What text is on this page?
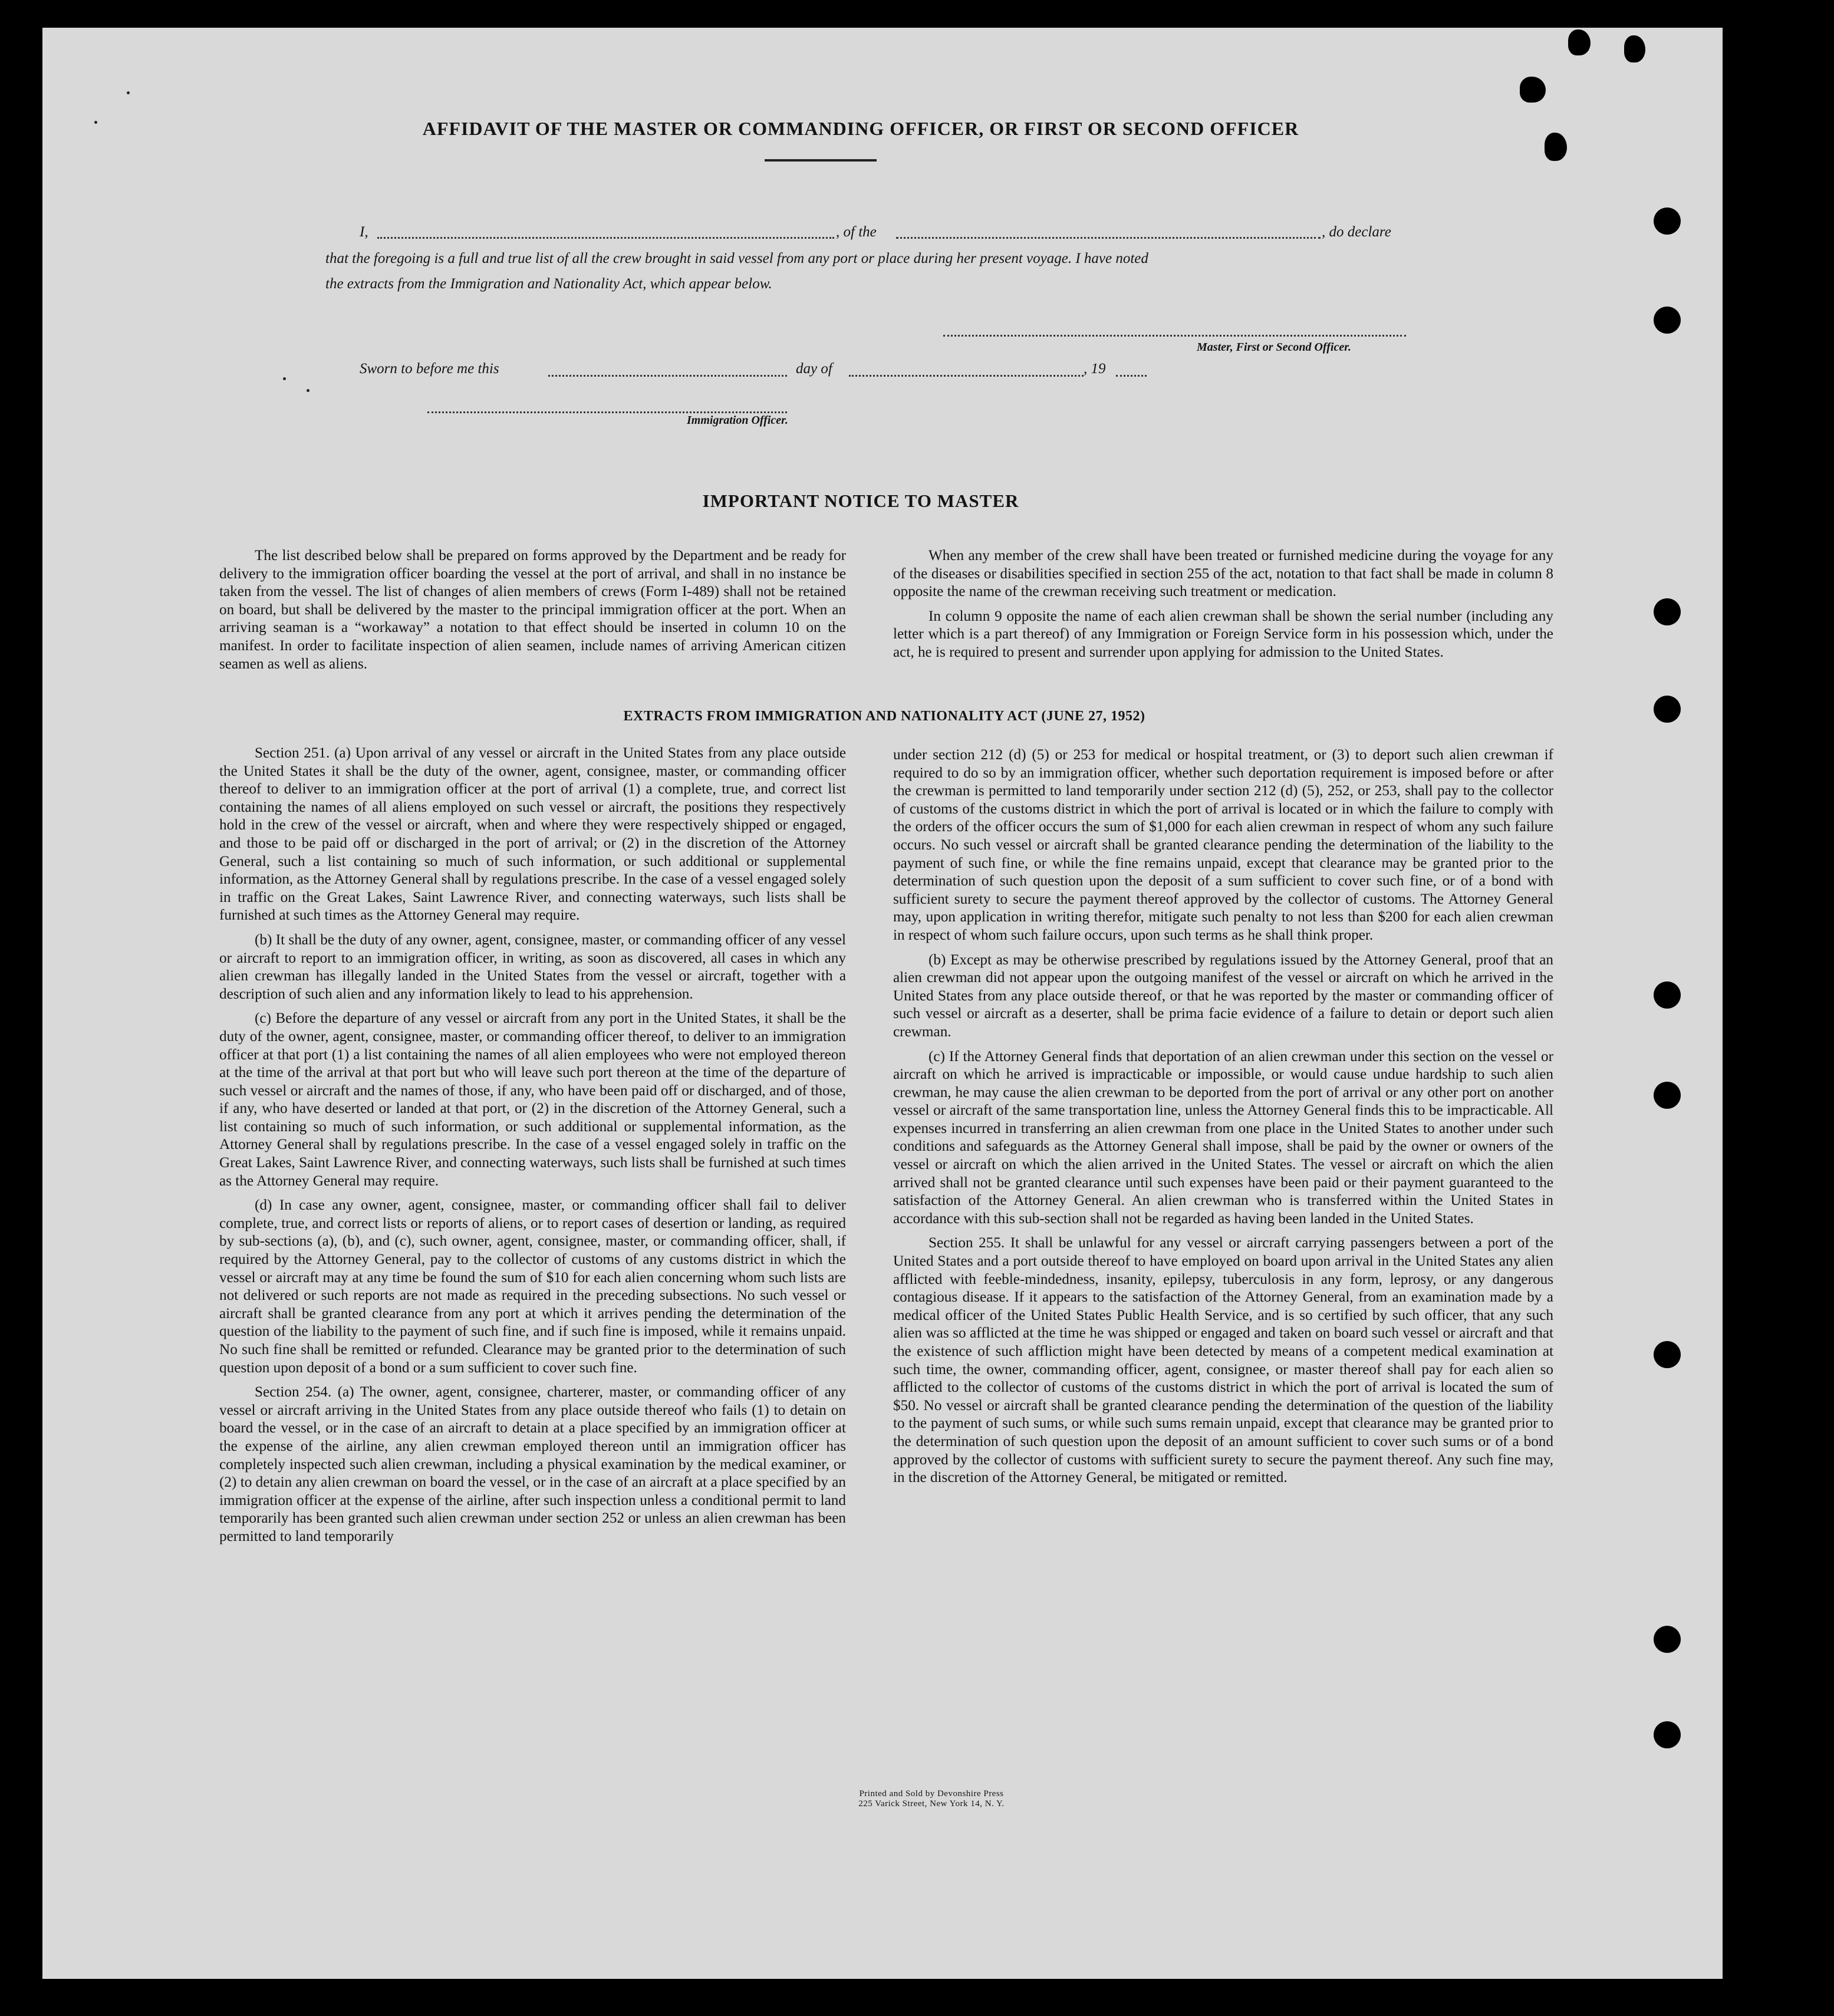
AFFIDAVIT OF THE MASTER OR COMMANDING OFFICER, OR FIRST OR SECOND OFFICER
I,	, of the	, do declare
that the foregoing is a full and true list of all the crew brought in said vessel from any port or place during her present voyage. I have noted
the extracts from the Immigration and Nationality Act, which appear below.
Master, First or Second Officer.
Sworn to before me this	day of	, 19
Immigration Officer.
IMPORTANT NOTICE TO MASTER

The list described below shall be prepared on forms approved by the Department and be ready for delivery to the immigration officer boarding the vessel at the port of arrival, and shall in no instance be taken from the vessel. The list of changes of alien members of crews (Form I-489) shall not be retained on board, but shall be delivered by the master to the principal immigration officer at the port. When an arriving seaman is a “workaway” a notation to that effect should be inserted in column 10 on the manifest. In order to facilitate inspection of alien seamen, include names of arriving American citizen seamen as well as aliens.

When any member of the crew shall have been treated or furnished medicine during the voyage for any of the diseases or disabilities specified in section 255 of the act, notation to that fact shall be made in column 8 opposite the name of the crewman receiving such treatment or medication.

In column 9 opposite the name of each alien crewman shall be shown the serial number (including any letter which is a part thereof) of any Immigration or Foreign Service form in his possession which, under the act, he is required to present and surrender upon applying for admission to the United States.

EXTRACTS FROM IMMIGRATION AND NATIONALITY ACT (JUNE 27, 1952)

Section 251. (a) Upon arrival of any vessel or aircraft in the United States from any place outside the United States it shall be the duty of the owner, agent, consignee, master, or commanding officer thereof to deliver to an immigration officer at the port of arrival (1) a complete, true, and correct list containing the names of all aliens employed on such vessel or aircraft, the positions they respectively hold in the crew of the vessel or aircraft, when and where they were respectively shipped or engaged, and those to be paid off or discharged in the port of arrival; or (2) in the discretion of the Attorney General, such a list containing so much of such information, or such additional or supplemental information, as the Attorney General shall by regulations prescribe. In the case of a vessel engaged solely in traffic on the Great Lakes, Saint Lawrence River, and connecting waterways, such lists shall be furnished at such times as the Attorney General may require.

(b) It shall be the duty of any owner, agent, consignee, master, or commanding officer of any vessel or aircraft to report to an immigration officer, in writing, as soon as discovered, all cases in which any alien crewman has illegally landed in the United States from the vessel or aircraft, together with a description of such alien and any information likely to lead to his apprehension.

(c) Before the departure of any vessel or aircraft from any port in the United States, it shall be the duty of the owner, agent, consignee, master, or commanding officer thereof, to deliver to an immigration officer at that port (1) a list containing the names of all alien employees who were not employed thereon at the time of the arrival at that port but who will leave such port thereon at the time of the departure of such vessel or aircraft and the names of those, if any, who have been paid off or discharged, and of those, if any, who have deserted or landed at that port, or (2) in the discretion of the Attorney General, such a list containing so much of such information, or such additional or supplemental information, as the Attorney General shall by regulations prescribe. In the case of a vessel engaged solely in traffic on the Great Lakes, Saint Lawrence River, and connecting waterways, such lists shall be furnished at such times as the Attorney General may require.

(d) In case any owner, agent, consignee, master, or commanding officer shall fail to deliver complete, true, and correct lists or reports of aliens, or to report cases of desertion or landing, as required by sub-sections (a), (b), and (c), such owner, agent, consignee, master, or commanding officer, shall, if required by the Attorney General, pay to the collector of customs of any customs district in which the vessel or aircraft may at any time be found the sum of $10 for each alien concerning whom such lists are not delivered or such reports are not made as required in the preceding subsections. No such vessel or aircraft shall be granted clearance from any port at which it arrives pending the determination of the question of the liability to the payment of such fine, and if such fine is imposed, while it remains unpaid. No such fine shall be remitted or refunded. Clearance may be granted prior to the determination of such question upon deposit of a bond or a sum sufficient to cover such fine.

Section 254. (a) The owner, agent, consignee, charterer, master, or commanding officer of any vessel or aircraft arriving in the United States from any place outside thereof who fails (1) to detain on board the vessel, or in the case of an aircraft to detain at a place specified by an immigration officer at the expense of the airline, any alien crewman employed thereon until an immigration officer has completely inspected such alien crewman, including a physical examination by the medical examiner, or (2) to detain any alien crewman on board the vessel, or in the case of an aircraft at a place specified by an immigration officer at the expense of the airline, after such inspection unless a conditional permit to land temporarily has been granted such alien crewman under section 252 or unless an alien crewman has been permitted to land temporarily

under section 212 (d) (5) or 253 for medical or hospital treatment, or (3) to deport such alien crewman if required to do so by an immigration officer, whether such deportation requirement is imposed before or after the crewman is permitted to land temporarily under section 212 (d) (5), 252, or 253, shall pay to the collector of customs of the customs district in which the port of arrival is located or in which the failure to comply with the orders of the officer occurs the sum of $1,000 for each alien crewman in respect of whom any such failure occurs. No such vessel or aircraft shall be granted clearance pending the determination of the liability to the payment of such fine, or while the fine remains unpaid, except that clearance may be granted prior to the determination of such question upon the deposit of a sum sufficient to cover such fine, or of a bond with sufficient surety to secure the payment thereof approved by the collector of customs. The Attorney General may, upon application in writing therefor, mitigate such penalty to not less than $200 for each alien crewman in respect of whom such failure occurs, upon such terms as he shall think proper.

(b) Except as may be otherwise prescribed by regulations issued by the Attorney General, proof that an alien crewman did not appear upon the outgoing manifest of the vessel or aircraft on which he arrived in the United States from any place outside thereof, or that he was reported by the master or commanding officer of such vessel or aircraft as a deserter, shall be prima facie evidence of a failure to detain or deport such alien crewman.

(c) If the Attorney General finds that deportation of an alien crewman under this section on the vessel or aircraft on which he arrived is impracticable or impossible, or would cause undue hardship to such alien crewman, he may cause the alien crewman to be deported from the port of arrival or any other port on another vessel or aircraft of the same transportation line, unless the Attorney General finds this to be impracticable. All expenses incurred in transferring an alien crewman from one place in the United States to another under such conditions and safeguards as the Attorney General shall impose, shall be paid by the owner or owners of the vessel or aircraft on which the alien arrived in the United States. The vessel or aircraft on which the alien arrived shall not be granted clearance until such expenses have been paid or their payment guaranteed to the satisfaction of the Attorney General. An alien crewman who is transferred within the United States in accordance with this sub-section shall not be regarded as having been landed in the United States.

Section 255. It shall be unlawful for any vessel or aircraft carrying passengers between a port of the United States and a port outside thereof to have employed on board upon arrival in the United States any alien afflicted with feeble-mindedness, insanity, epilepsy, tuberculosis in any form, leprosy, or any dangerous contagious disease. If it appears to the satisfaction of the Attorney General, from an examination made by a medical officer of the United States Public Health Service, and is so certified by such officer, that any such alien was so afflicted at the time he was shipped or engaged and taken on board such vessel or aircraft and that the existence of such affliction might have been detected by means of a competent medical examination at such time, the owner, commanding officer, agent, consignee, or master thereof shall pay for each alien so afflicted to the collector of customs of the customs district in which the port of arrival is located the sum of $50. No vessel or aircraft shall be granted clearance pending the determination of the question of the liability to the payment of such sums, or while such sums remain unpaid, except that clearance may be granted prior to the determination of such question upon the deposit of an amount sufficient to cover such sums or of a bond approved by the collector of customs with sufficient surety to secure the payment thereof. Any such fine may, in the discretion of the Attorney General, be mitigated or remitted.

Printed and Sold by Devonshire Press
225 Varick Street, New York 14, N. Y.
